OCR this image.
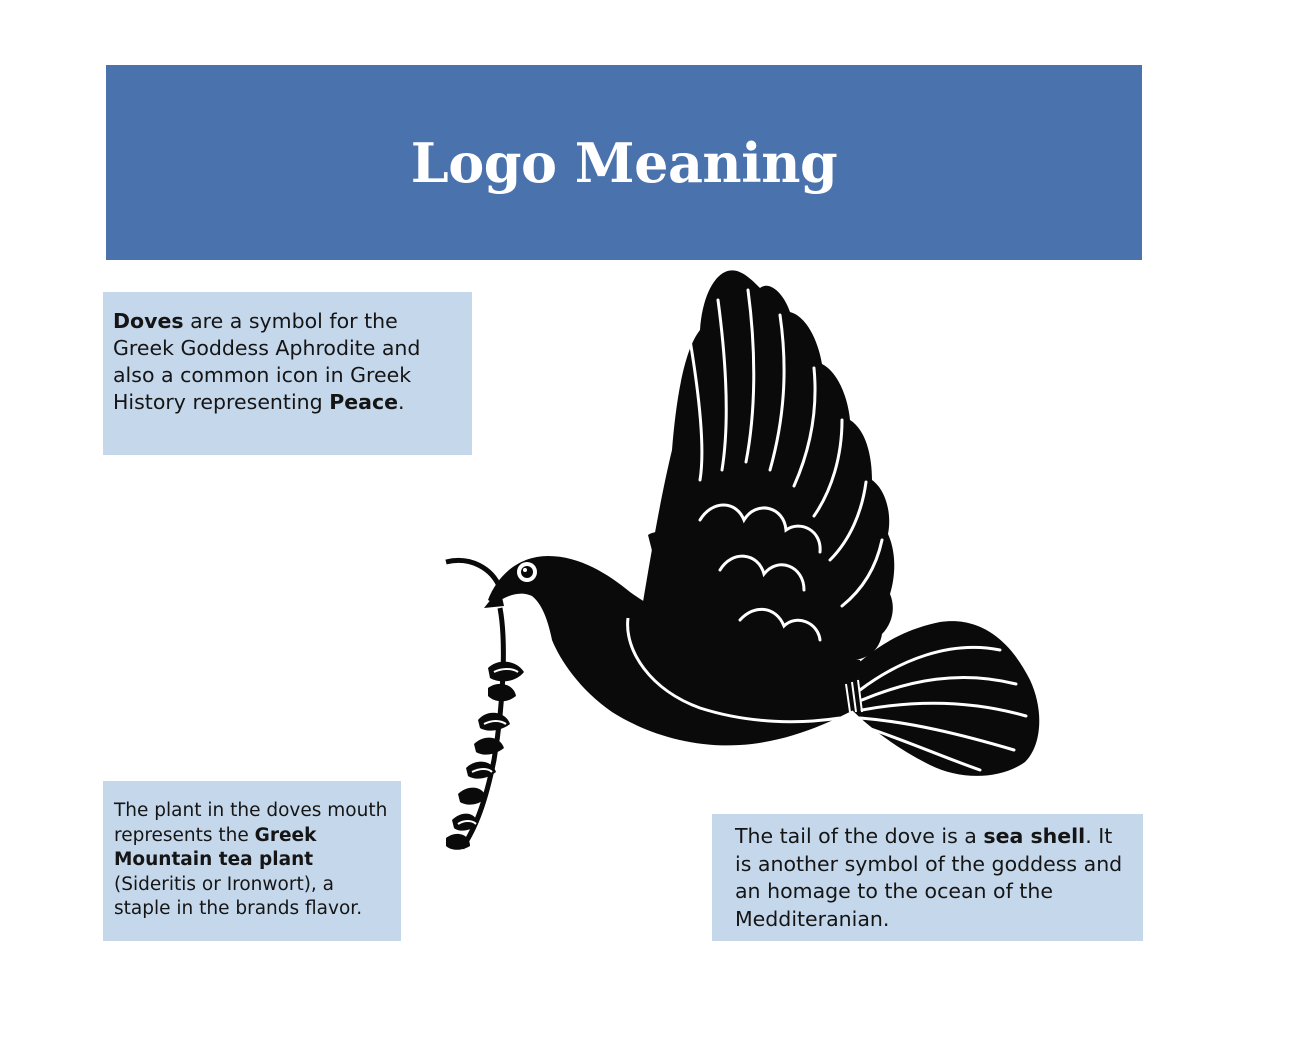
Logo Meaning

Doves are a symbol for the Greek Goddess Aphrodite and also a common icon in Greek History representing Peace.

The plant in the doves mouth represents the Greek Mountain tea plant (Sideritis or Ironwort), a staple in the brands flavor.

The tail of the dove is a sea shell. It is another symbol of the goddess and an homage to the ocean of the Medditeranian.
